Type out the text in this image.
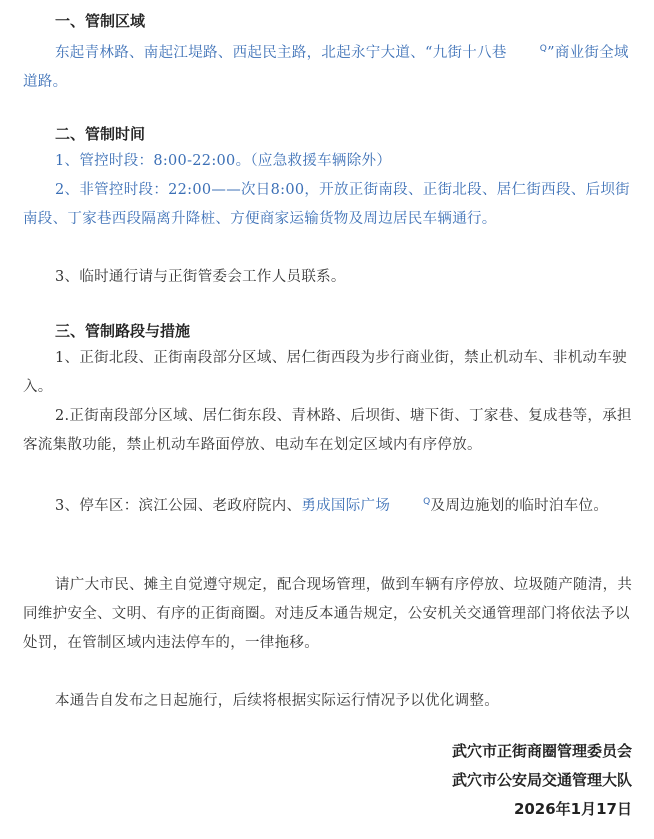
一、管制区域
东起青林路、南起江堤路、西起民主路，北起永宁大道、“九街十八巷	Q”商业街全域道路。
二、管制时间
1、管控时段：8:00-22:00。（应急救援车辆除外）
2、非管控时段：22:00——次日8:00，开放正街南段、正街北段、居仁街西段、后坝街南段、丁家巷西段隔离升降桩、方便商家运输货物及周边居民车辆通行。
3、临时通行请与正街管委会工作人员联系。
三、管制路段与措施
1、正街北段、正街南段部分区域、居仁街西段为步行商业街，禁止机动车、非机动车驶入。
2.正街南段部分区域、居仁街东段、青林路、后坝街、塘下街、丁家巷、复成巷等，承担客流集散功能，禁止机动车路面停放、电动车在划定区域内有序停放。
3、停车区：滨江公园、老政府院内、勇成国际广场	Q及周边施划的临时泊车位。
请广大市民、摊主自觉遵守规定，配合现场管理，做到车辆有序停放、垃圾随产随清，共同维护安全、文明、有序的正街商圈。对违反本通告规定，公安机关交通管理部门将依法予以处罚，在管制区域内违法停车的，一律拖移。
本通告自发布之日起施行，后续将根据实际运行情况予以优化调整。
武穴市正街商圈管理委员会
武穴市公安局交通管理大队
2026年1月17日
